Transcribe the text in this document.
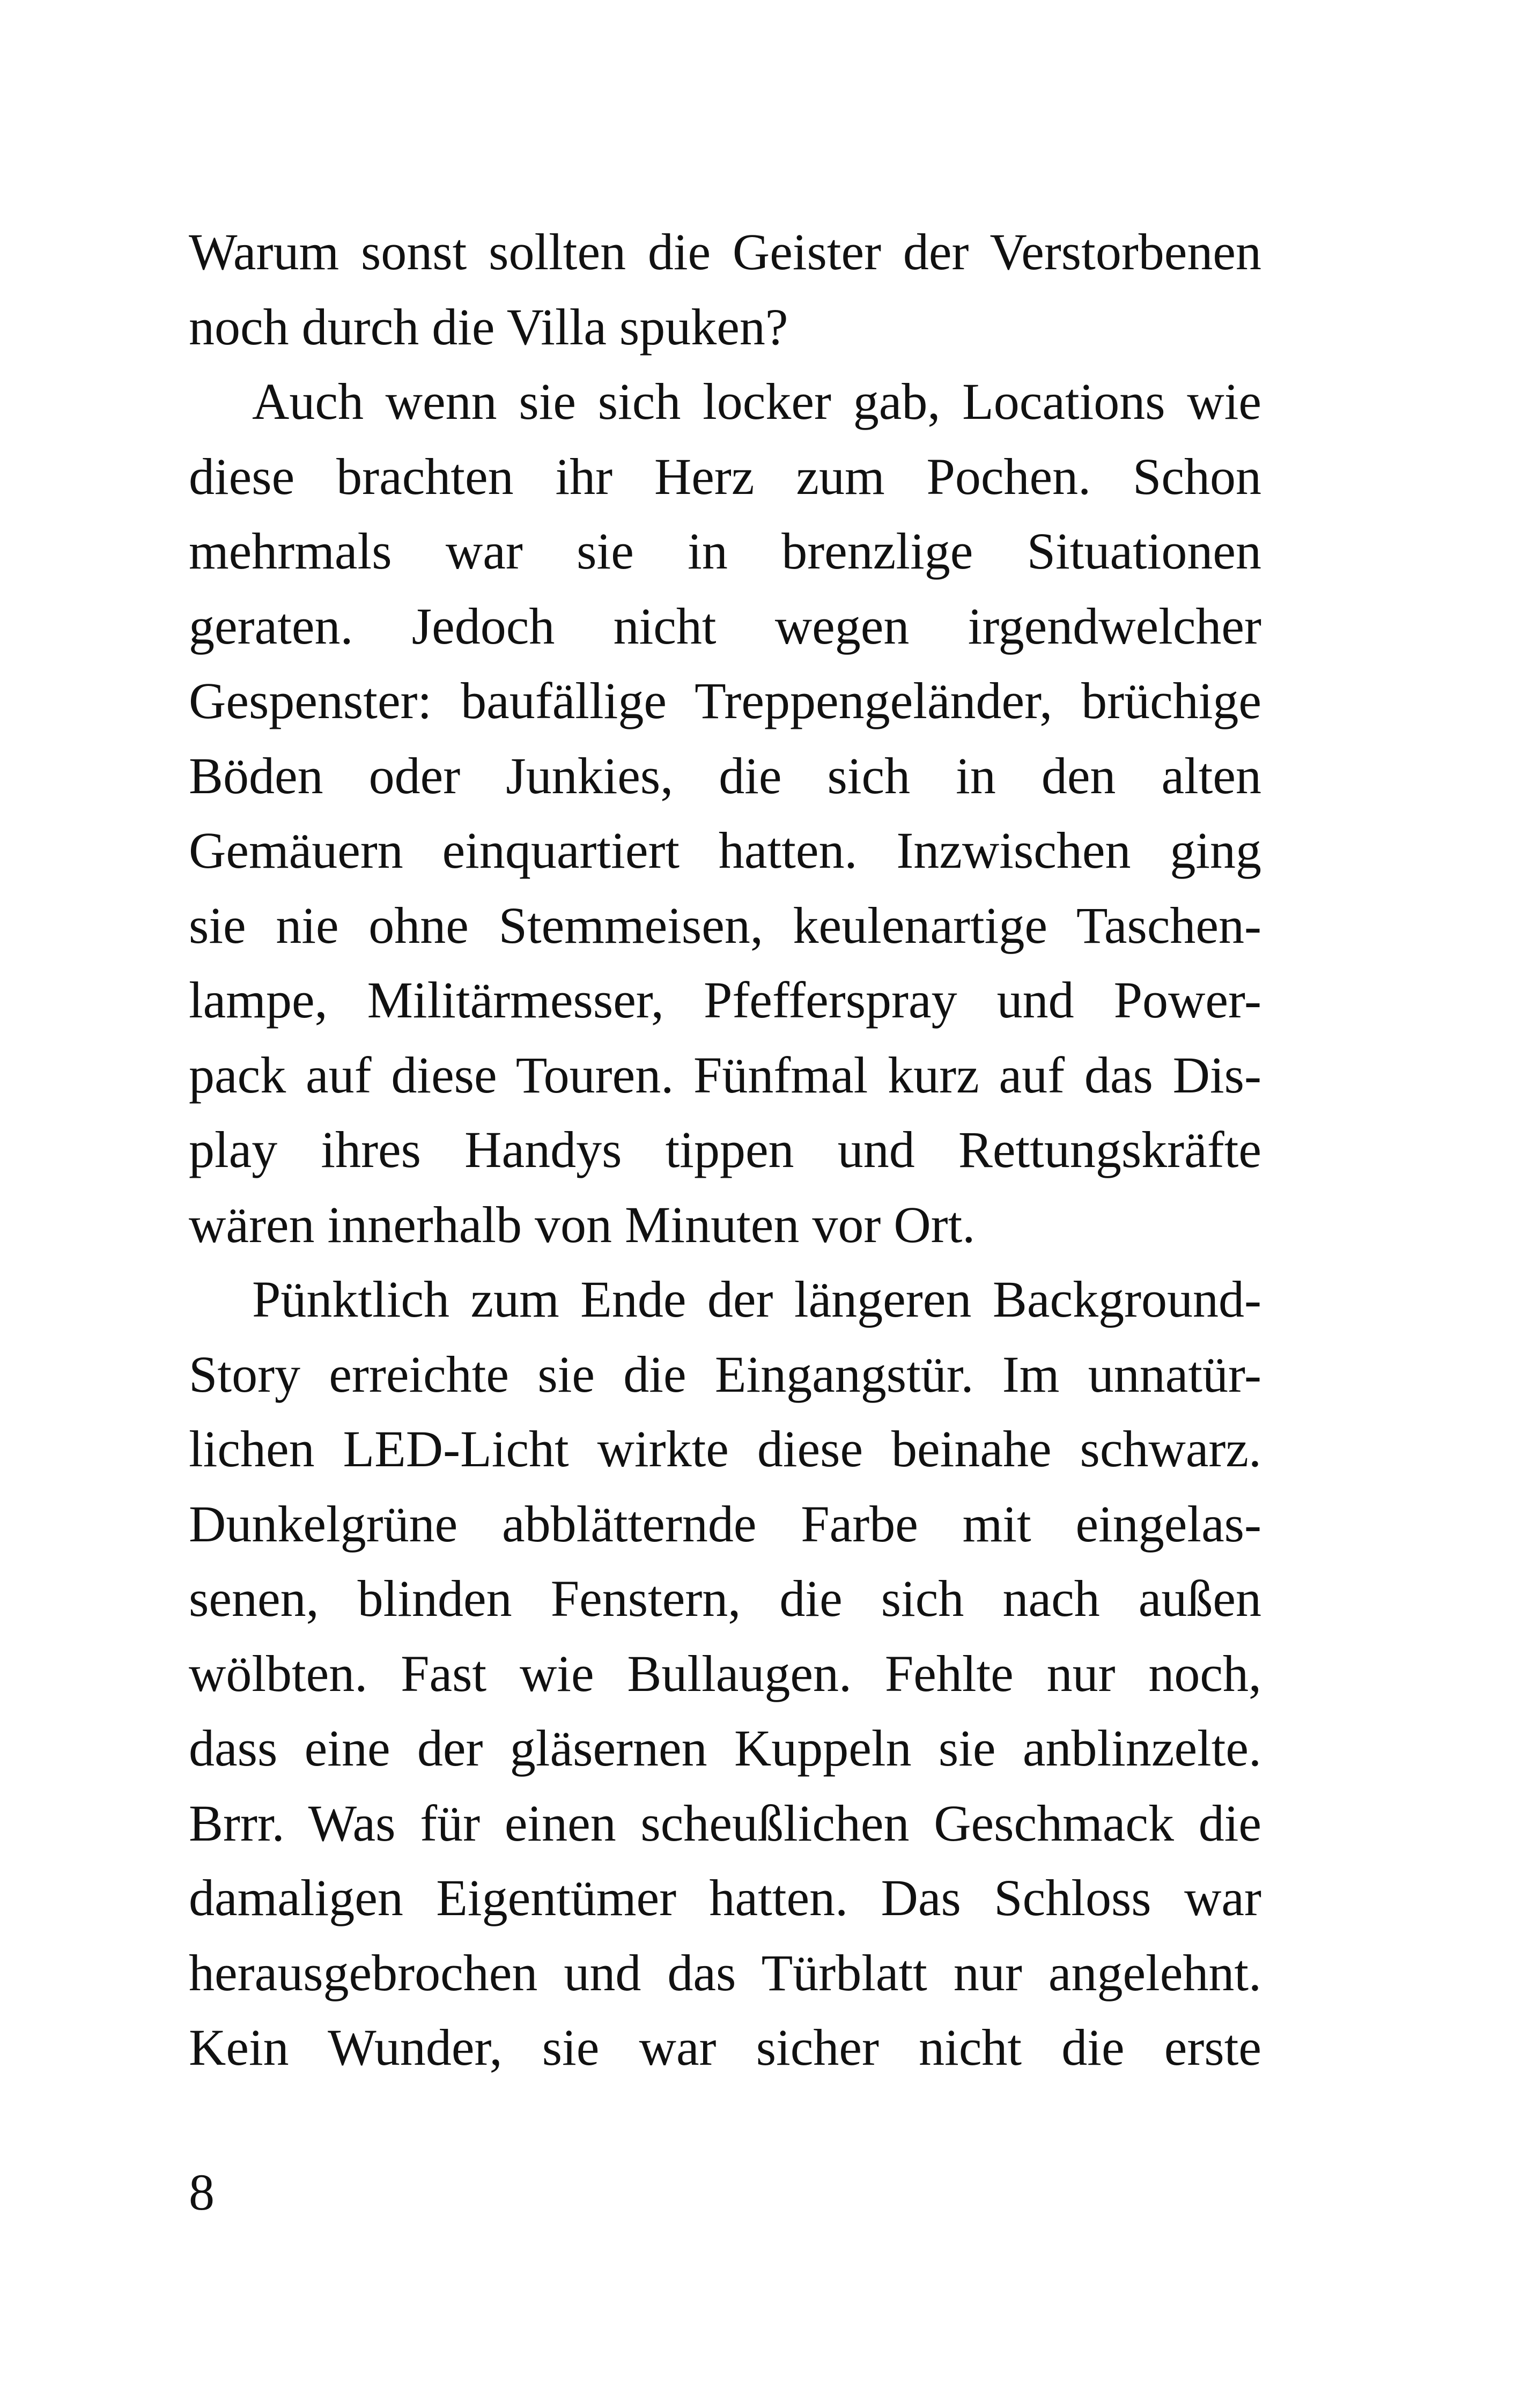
Warum sonst sollten die Geister der Verstorbenen
noch durch die Villa spuken?
Auch wenn sie sich locker gab, Locations wie
diese brachten ihr Herz zum Pochen. Schon
mehrmals war sie in brenzlige Situationen
geraten. Jedoch nicht wegen irgendwelcher
Gespenster: baufällige Treppengeländer, brüchige
Böden oder Junkies, die sich in den alten
Gemäuern einquartiert hatten. Inzwischen ging
sie nie ohne Stemmeisen, keulenartige Taschen-
lampe, Militärmesser, Pfefferspray und Power-
pack auf diese Touren. Fünfmal kurz auf das Dis-
play ihres Handys tippen und Rettungskräfte
wären innerhalb von Minuten vor Ort.
Pünktlich zum Ende der längeren Background-
Story erreichte sie die Eingangstür. Im unnatür-
lichen LED-Licht wirkte diese beinahe schwarz.
Dunkelgrüne abblätternde Farbe mit eingelas-
senen, blinden Fenstern, die sich nach außen
wölbten. Fast wie Bullaugen. Fehlte nur noch,
dass eine der gläsernen Kuppeln sie anblinzelte.
Brrr. Was für einen scheußlichen Geschmack die
damaligen Eigentümer hatten. Das Schloss war
herausgebrochen und das Türblatt nur angelehnt.
Kein Wunder, sie war sicher nicht die erste
8
